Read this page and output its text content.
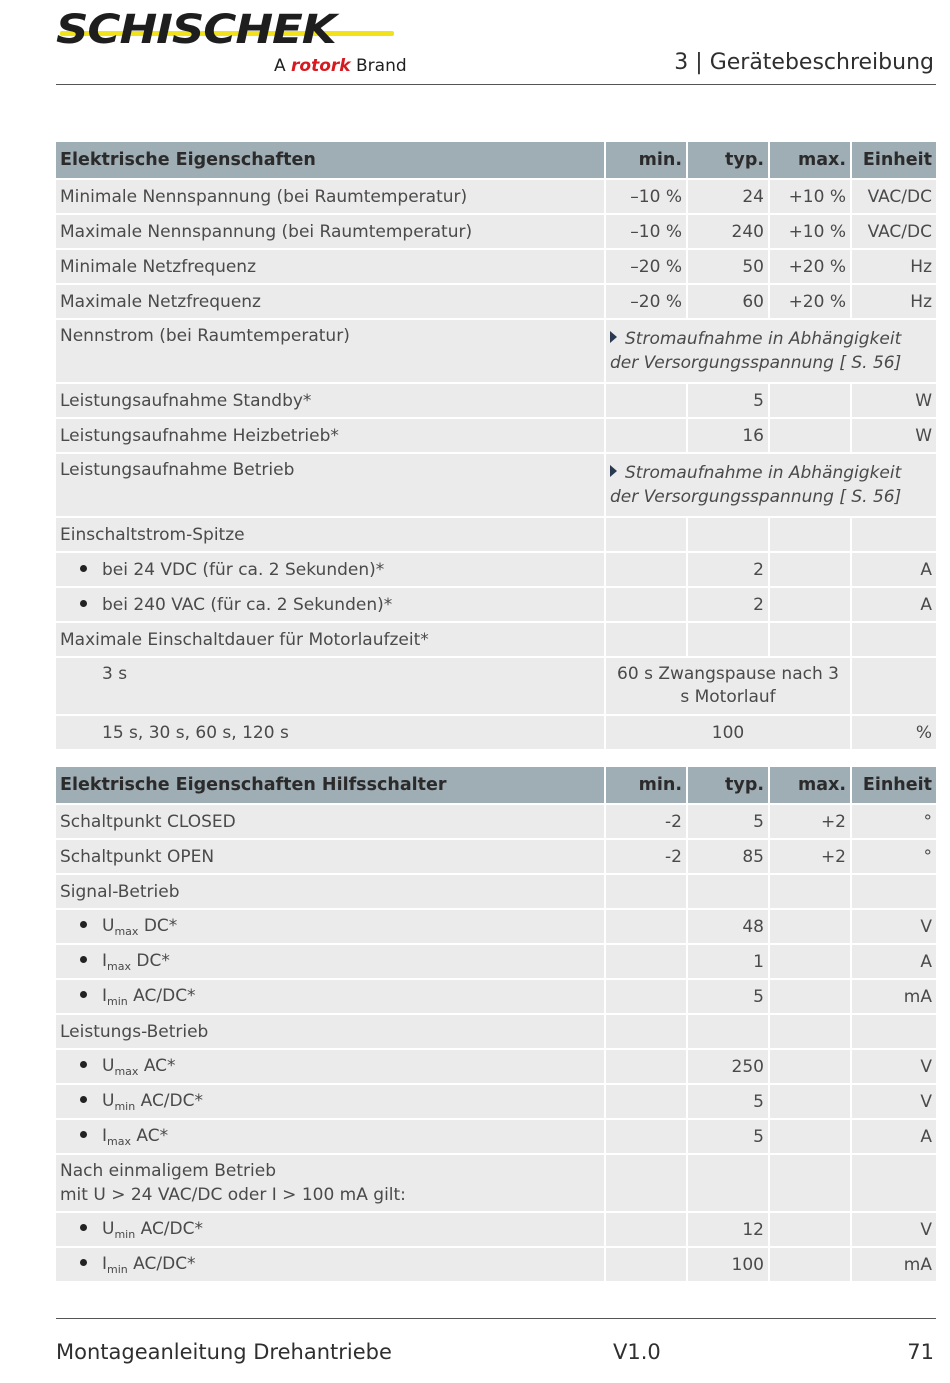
SCHISCHEK
A rotork Brand	3 | Gerätebeschreibung
Elektrische Eigenschaften	min.	typ.	max.	Einheit
Minimale Nennspannung (bei Raumtemperatur)	–10 %	24	+10 %	VAC/DC
Maximale Nennspannung (bei Raumtemperatur)	–10 %	240	+10 %	VAC/DC
Minimale Netzfrequenz	–20 %	50	+20 %	Hz
Maximale Netzfrequenz	–20 %	60	+20 %	Hz
Nennstrom (bei Raumtemperatur)	Stromaufnahme in Abhängigkeit der Versorgungsspannung [ S. 56]			
Leistungsaufnahme Standby*		5		W
Leistungsaufnahme Heizbetrieb*		16		W
Leistungsaufnahme Betrieb	Stromaufnahme in Abhängigkeit der Versorgungsspannung [ S. 56]			
Einschaltstrom-Spitze				
bei 24 VDC (für ca. 2 Sekunden)*		2		A
bei 240 VAC (für ca. 2 Sekunden)*		2		A
Maximale Einschaltdauer für Motorlaufzeit*				
3 s	60 s Zwangspause nach 3 s Motorlauf			
15 s, 30 s, 60 s, 120 s	100			%
Elektrische Eigenschaften Hilfsschalter	min.	typ.	max.	Einheit
Schaltpunkt CLOSED	-2	5	+2	°
Schaltpunkt OPEN	-2	85	+2	°
Signal-Betrieb				
$U_{max}$ DC*		48		V
$I_{max}$ DC*		1		A
$I_{min}$ AC/DC*		5		mA
Leistungs-Betrieb				
$U_{max}$ AC*		250		V
$U_{min}$ AC/DC*		5		V
$I_{max}$ AC*		5		A

Nach einmaligem Betrieb
mit U > 24 VAC/DC oder I > 100 mA gilt:				

$U_{min}$ AC/DC*		12		V
$I_{min}$ AC/DC*		100		mA
Montageanleitung Drehantriebe	V1.0	71
